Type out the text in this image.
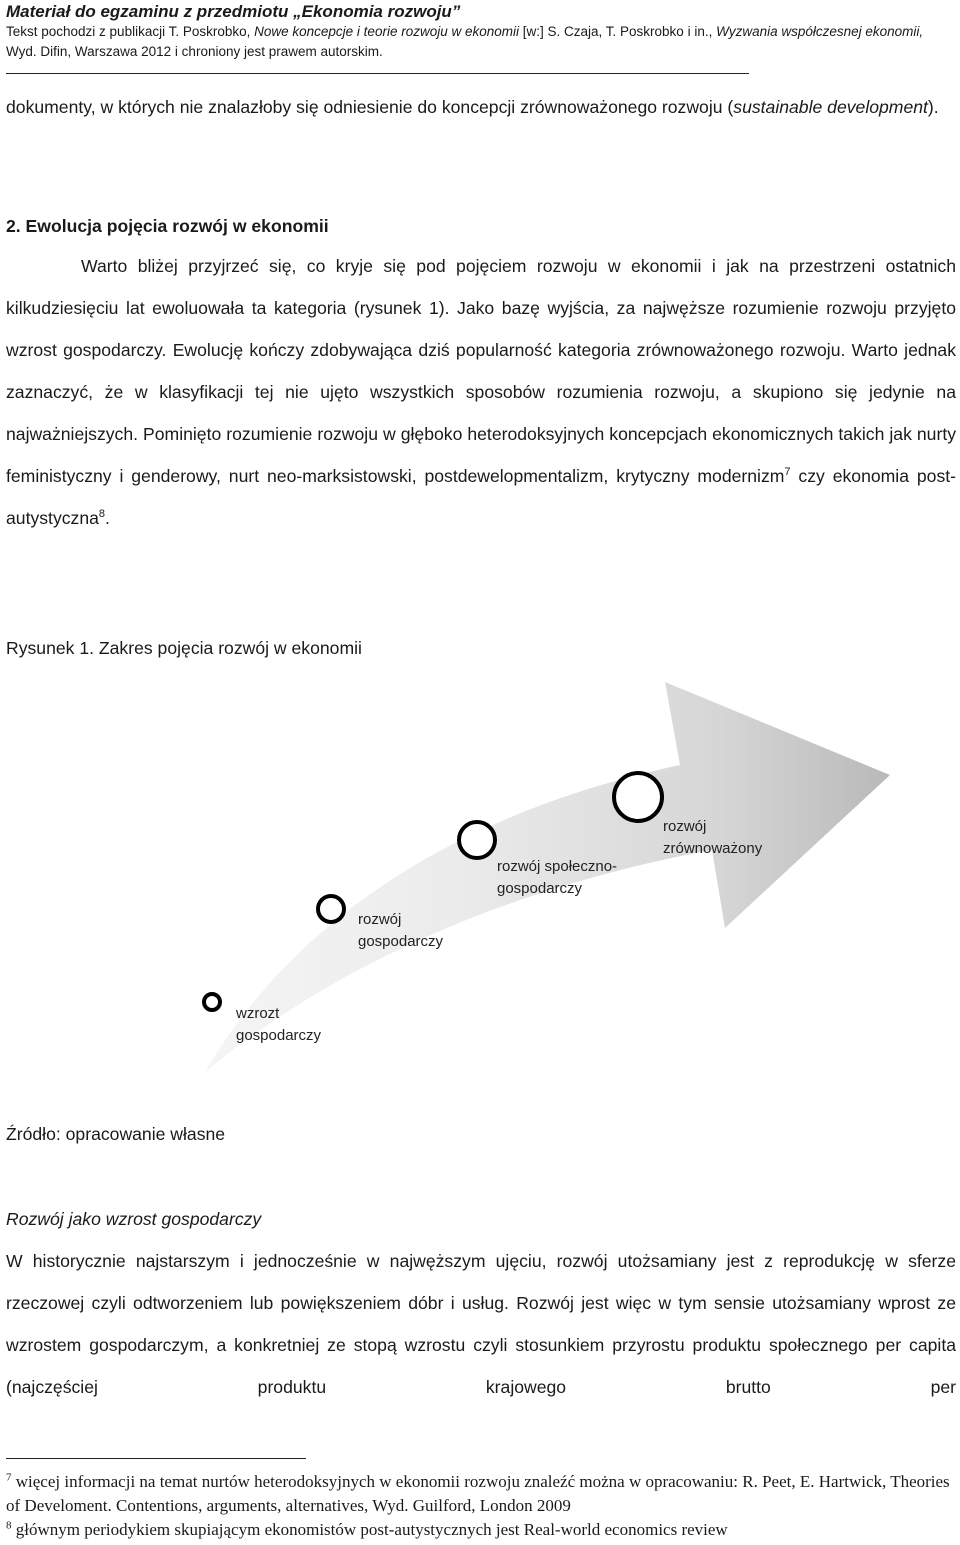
Materiał do egzaminu z przedmiotu „Ekonomia rozwoju”
Tekst pochodzi z publikacji T. Poskrobko, Nowe koncepcje i teorie rozwoju w ekonomii [w:] S. Czaja, T. Poskrobko i in., Wyzwania współczesnej ekonomii,
Wyd. Difin, Warszawa 2012 i chroniony jest prawem autorskim.
dokumenty, w których nie znalazłoby się odniesienie do koncepcji zrównoważonego rozwoju (sustainable development).
2. Ewolucja pojęcia rozwój w ekonomii
Warto bliżej przyjrzeć się, co kryje się pod pojęciem rozwoju w ekonomii i jak na przestrzeni ostatnich kilkudziesięciu lat ewoluowała ta kategoria (rysunek 1). Jako bazę wyjścia, za najwęższe rozumienie rozwoju przyjęto wzrost gospodarczy. Ewolucję kończy zdobywająca dziś popularność kategoria zrównoważonego rozwoju. Warto jednak zaznaczyć, że w klasyfikacji tej nie ujęto wszystkich sposobów rozumienia rozwoju, a skupiono się jedynie na najważniejszych. Pominięto rozumienie rozwoju w głęboko heterodoksyjnych koncepcjach ekonomicznych takich jak nurty feministyczny i genderowy, nurt neo-marksistowski, postdewelopmentalizm, krytyczny modernizm$^7$ czy ekonomia post-autystyczna$^8$.
Rysunek 1. Zakres pojęcia rozwój w ekonomii
wzrozt
gospodarczy
rozwój
gospodarczy
rozwój społeczno-
gospodarczy
rozwój
zrównoważony
Źródło: opracowanie własne
Rozwój jako wzrost gospodarczy
W historycznie najstarszym i jednocześnie w najwęższym ujęciu, rozwój utożsamiany jest z reprodukcję w sferze rzeczowej czyli odtworzeniem lub powiększeniem dóbr i usług. Rozwój jest więc w tym sensie utożsamiany wprost ze wzrostem gospodarczym, a konkretniej ze stopą wzrostu czyli stosunkiem przyrostu produktu społecznego per capita (najczęściej produktu krajowego brutto per

$^7$ więcej informacji na temat nurtów heterodoksyjnych w ekonomii rozwoju znaleźć można w opracowaniu: R. Peet, E. Hartwick, Theories of Develoment. Contentions, arguments, alternatives, Wyd. Guilford, London 2009

$^8$ głównym periodykiem skupiającym ekonomistów post-autystycznych jest Real-world economics review
